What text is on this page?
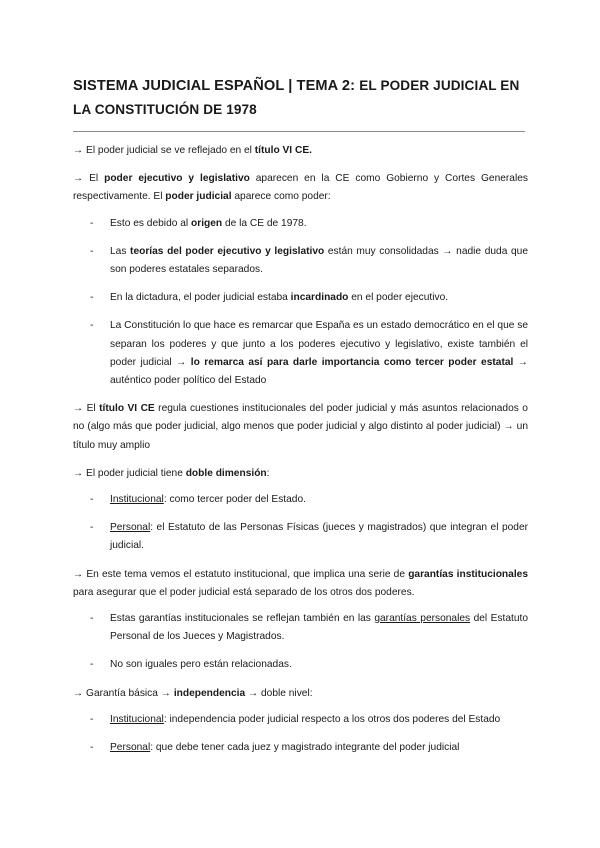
SISTEMA JUDICIAL ESPAÑOL | TEMA 2: EL PODER JUDICIAL EN LA CONSTITUCIÓN DE 1978

→ El poder judicial se ve reflejado en el título VI CE.

→ El poder ejecutivo y legislativo aparecen en la CE como Gobierno y Cortes Generales respectivamente. El poder judicial aparece como poder:

- Esto es debido al origen de la CE de 1978.
- Las teorías del poder ejecutivo y legislativo están muy consolidadas → nadie duda que son poderes estatales separados.
- En la dictadura, el poder judicial estaba incardinado en el poder ejecutivo.
- La Constitución lo que hace es remarcar que España es un estado democrático en el que se separan los poderes y que junto a los poderes ejecutivo y legislativo, existe también el poder judicial → lo remarca así para darle importancia como tercer poder estatal → auténtico poder político del Estado

→ El título VI CE regula cuestiones institucionales del poder judicial y más asuntos relacionados o no (algo más que poder judicial, algo menos que poder judicial y algo distinto al poder judicial) → un título muy amplio

→ El poder judicial tiene doble dimensión:

- Institucional: como tercer poder del Estado.
- Personal: el Estatuto de las Personas Físicas (jueces y magistrados) que integran el poder judicial.

→ En este tema vemos el estatuto institucional, que implica una serie de garantías institucionales para asegurar que el poder judicial está separado de los otros dos poderes.

- Estas garantías institucionales se reflejan también en las garantías personales del Estatuto Personal de los Jueces y Magistrados.
- No son iguales pero están relacionadas.

→ Garantía básica → independencia → doble nivel:

- Institucional: independencia poder judicial respecto a los otros dos poderes del Estado
- Personal: que debe tener cada juez y magistrado integrante del poder judicial
